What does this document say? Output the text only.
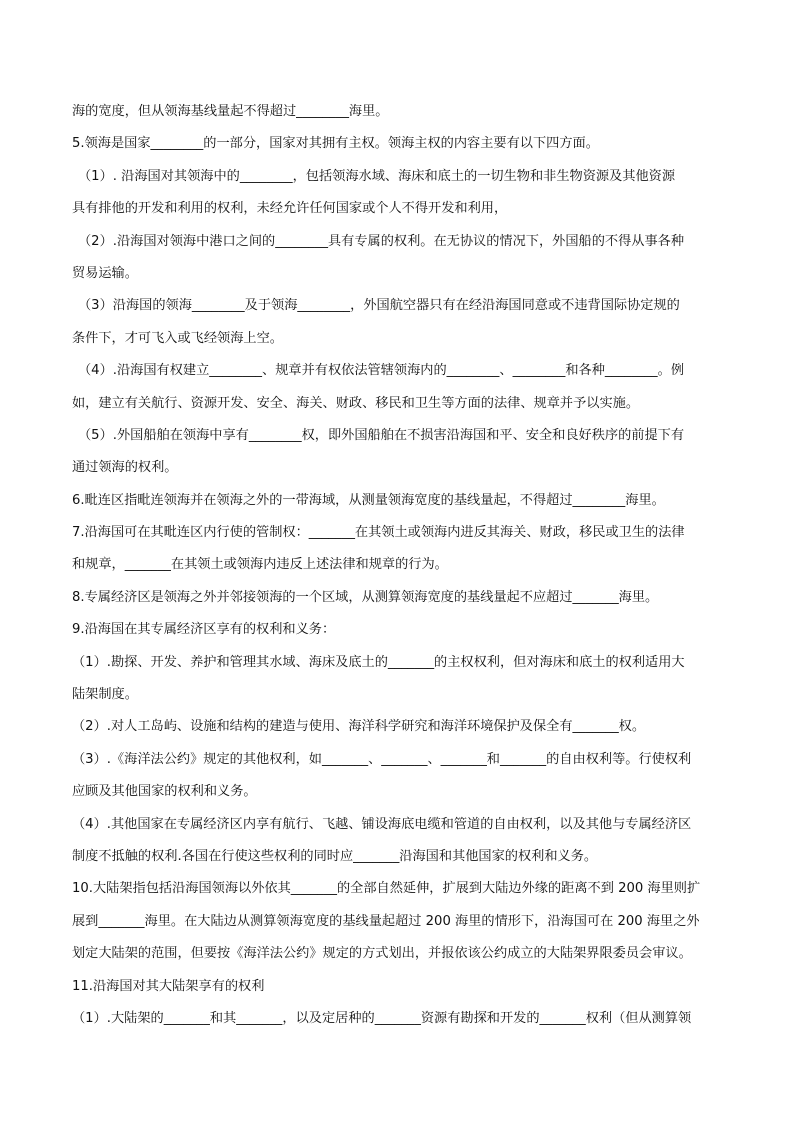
海的宽度，但从领海基线量起不得超过________海里。
5.领海是国家________的一部分，国家对其拥有主权。领海主权的内容主要有以下四方面。
（1）. 沿海国对其领海中的________，包括领海水域、海床和底土的一切生物和非生物资源及其他资源
具有排他的开发和利用的权利，未经允许任何国家或个人不得开发和利用，
（2）.沿海国对领海中港口之间的________具有专属的权利。在无协议的情况下，外国船的不得从事各种
贸易运输。
（3）沿海国的领海________及于领海________，外国航空器只有在经沿海国同意或不违背国际协定规的
条件下，才可飞入或飞经领海上空。
（4）.沿海国有权建立________、规章并有权依法管辖领海内的________、________和各种________。例
如，建立有关航行、资源开发、安全、海关、财政、移民和卫生等方面的法律、规章并予以实施。
（5）.外国船舶在领海中享有________权，即外国船舶在不损害沿海国和平、安全和良好秩序的前提下有
通过领海的权利。
6.毗连区指毗连领海并在领海之外的一带海域，从测量领海宽度的基线量起，不得超过________海里。
7.沿海国可在其毗连区内行使的管制权：_______在其领土或领海内进反其海关、财政，移民或卫生的法律
和规章，_______在其领土或领海内违反上述法律和规章的行为。
8.专属经济区是领海之外并邻接领海的一个区域，从测算领海宽度的基线量起不应超过_______海里。
9.沿海国在其专属经济区享有的权利和义务：
（1）.勘探、开发、养护和管理其水域、海床及底土的_______的主权权利，但对海床和底土的权利适用大
陆架制度。
（2）.对人工岛屿、设施和结构的建造与使用、海洋科学研究和海洋环境保护及保全有_______权。
（3）.《海洋法公约》规定的其他权利，如_______、_______、_______和_______的自由权利等。行使权利
应顾及其他国家的权利和义务。
（4）.其他国家在专属经济区内享有航行、飞越、铺设海底电缆和管道的自由权利，以及其他与专属经济区
制度不抵触的权利.各国在行使这些权利的同时应_______沿海国和其他国家的权利和义务。
10.大陆架指包括沿海国领海以外依其_______的全部自然延伸，扩展到大陆边外缘的距离不到 200 海里则扩
展到_______海里。在大陆边从测算领海宽度的基线量起超过 200 海里的情形下，沿海国可在 200 海里之外
划定大陆架的范围，但要按《海洋法公约》规定的方式划出，并报依该公约成立的大陆架界限委员会审议。
11.沿海国对其大陆架享有的权利
（1）.大陆架的_______和其_______，以及定居种的_______资源有勘探和开发的_______权利（但从测算领
